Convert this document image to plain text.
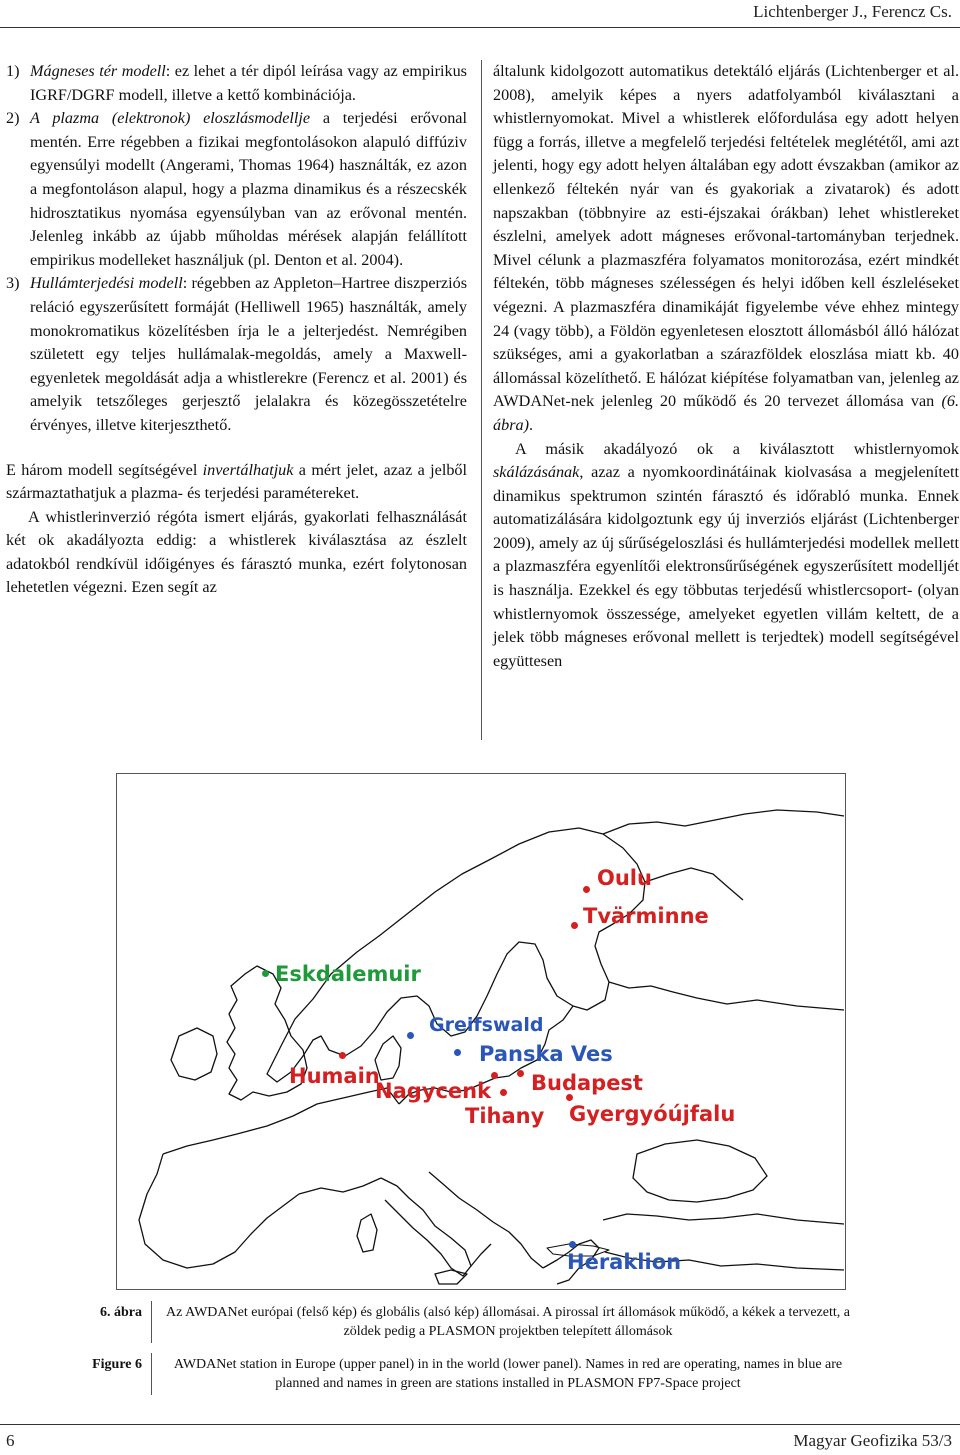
Lichtenberger J., Ferencz Cs.
1) Mágneses tér modell: ez lehet a tér dipól leírása vagy az empirikus IGRF/DGRF modell, illetve a kettő kombinációja.
2) A plazma (elektronok) eloszlásmodellje a terjedési erővonal mentén. Erre régebben a fizikai megfontolásokon alapuló diffúziv egyensúlyi modellt (Angerami, Thomas 1964) használták, ez azon a megfontoláson alapul, hogy a plazma dinamikus és a részecskék hidrosztatikus nyomása egyensúlyban van az erővonal mentén. Jelenleg inkább az újabb műholdas mérések alapján felállított empirikus modelleket használjuk (pl. Denton et al. 2004).
3) Hullámterjedési modell: régebben az Appleton–Hartree diszperziós reláció egyszerűsített formáját (Helliwell 1965) használták, amely monokromatikus közelítésben írja le a jelterjedést. Nemrégiben született egy teljes hullámalak-megoldás, amely a Maxwell-egyenletek megoldását adja a whistlerekre (Ferencz et al. 2001) és amelyik tetszőleges gerjesztő jelalakra és közegösszetételre érvényes, illetve kiterjeszthető.

E három modell segítségével invertálhatjuk a mért jelet, azaz a jelből származtathatjuk a plazma- és terjedési paramétereket.

A whistlerinverzió régóta ismert eljárás, gyakorlati felhasználását két ok akadályozta eddig: a whistlerek kiválasztása az észlelt adatokból rendkívül időigényes és fárasztó munka, ezért folytonosan lehetetlen végezni. Ezen segít az

általunk kidolgozott automatikus detektáló eljárás (Lichtenberger et al. 2008), amelyik képes a nyers adatfolyamból kiválasztani a whistlernyomokat. Mivel a whistlerek előfordulása egy adott helyen függ a forrás, illetve a megfelelő terjedési feltételek meglététől, ami azt jelenti, hogy egy adott helyen általában egy adott évszakban (amikor az ellenkező féltekén nyár van és gyakoriak a zivatarok) és adott napszakban (többnyire az esti-éjszakai órákban) lehet whistlereket észlelni, amelyek adott mágneses erővonal-tartományban terjednek. Mivel célunk a plazmaszféra folyamatos monitorozása, ezért mindkét féltekén, több mágneses szélességen és helyi időben kell észleléseket végezni. A plazmaszféra dinamikáját figyelembe véve ehhez mintegy 24 (vagy több), a Földön egyenletesen elosztott állomásból álló hálózat szükséges, ami a gyakorlatban a szárazföldek eloszlása miatt kb. 40 állomással közelíthető. E hálózat kiépítése folyamatban van, jelenleg az AWDANet-nek jelenleg 20 működő és 20 tervezet állomása van (6. ábra).

A másik akadályozó ok a kiválasztott whistlernyomok skálázásának, azaz a nyomkoordinátáinak kiolvasása a megjelenített dinamikus spektrumon szintén fárasztó és időrabló munka. Ennek automatizálására kidolgoztunk egy új inverziós eljárást (Lichtenberger 2009), amely az új sűrűségeloszlási és hullámterjedési modellek mellett a plazmaszféra egyenlítői elektronsűrűségének egyszerűsített modelljét is használja. Ezekkel és egy többutas terjedésű whistlercsoport- (olyan whistlernyomok összessége, amelyeket egyetlen villám keltett, de a jelek több mágneses erővonal mellett is terjedtek) modell segítségével együttesen

Oulu
Tvärminne
Eskdalemuir
Greifswald
Panska Ves
Humain
Nagycenk Budapest
Tihany Gyergyóújfalu
Heraklion
6. ábra	Az AWDANet európai (felső kép) és globális (alsó kép) állomásai. A pirossal írt állomások működő, a kékek a tervezett, a zöldek pedig a PLASMON projektben telepített állomások
Figure 6	AWDANet station in Europe (upper panel) in in the world (lower panel). Names in red are operating, names in blue are planned and names in green are stations installed in PLASMON FP7-Space project
6	Magyar Geofizika 53/3
